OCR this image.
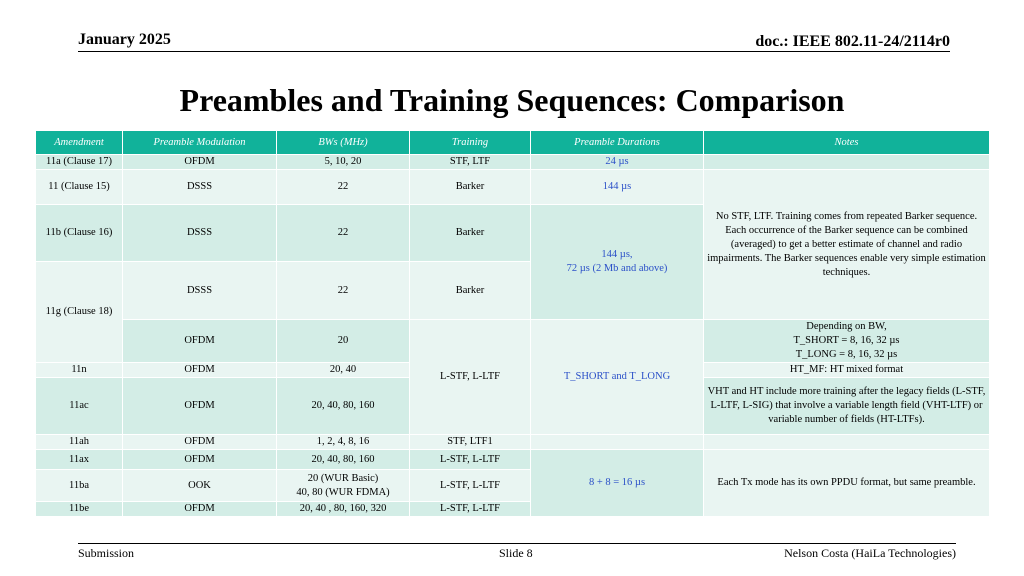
January 2025	doc.: IEEE 802.11-24/2114r0
Preambles and Training Sequences: Comparison
Amendment	Preamble Modulation	BWs (MHz)	Training	Preamble Durations	Notes
11a (Clause 17)	OFDM	5, 10, 20	STF, LTF	24 µs	
11 (Clause 15)	DSSS	22	Barker	144 µs	No STF, LTF. Training comes from repeated Barker sequence. Each occurrence of the Barker sequence can be combined (averaged) to get a better estimate of channel and radio impairments. The Barker sequences enable very simple estimation techniques.
11b (Clause 16)	DSSS	22	Barker	144 µs,
72 µs (2 Mb and above)	

11g (Clause 18)	DSSS	22	Barker		
	OFDM	20	L-STF, L-LTF	T_SHORT and T_LONG	Depending on BW,
T_SHORT = 8, 16, 32 µs
T_LONG = 8, 16, 32 µs

11n	OFDM	20, 40			HT_MF: HT mixed format
11ac	OFDM	20, 40, 80, 160			VHT and HT include more training after the legacy fields (L-STF, L-LTF, L-SIG) that involve a variable length field (VHT-LTF) or variable number of fields (HT-LTFs).
11ah	OFDM	1, 2, 4, 8, 16	STF, LTF1		
11ax	OFDM	20, 40, 80, 160	L-STF, L-LTF	8 + 8 = 16 µs	Each Tx mode has its own PPDU format, but same preamble.
11ba	OOK	20 (WUR Basic)
40, 80 (WUR FDMA)	L-STF, L-LTF		
11be	OFDM	20, 40 , 80, 160, 320	L-STF, L-LTF		
Submission	Slide 8	Nelson Costa (HaiLa Technologies)
